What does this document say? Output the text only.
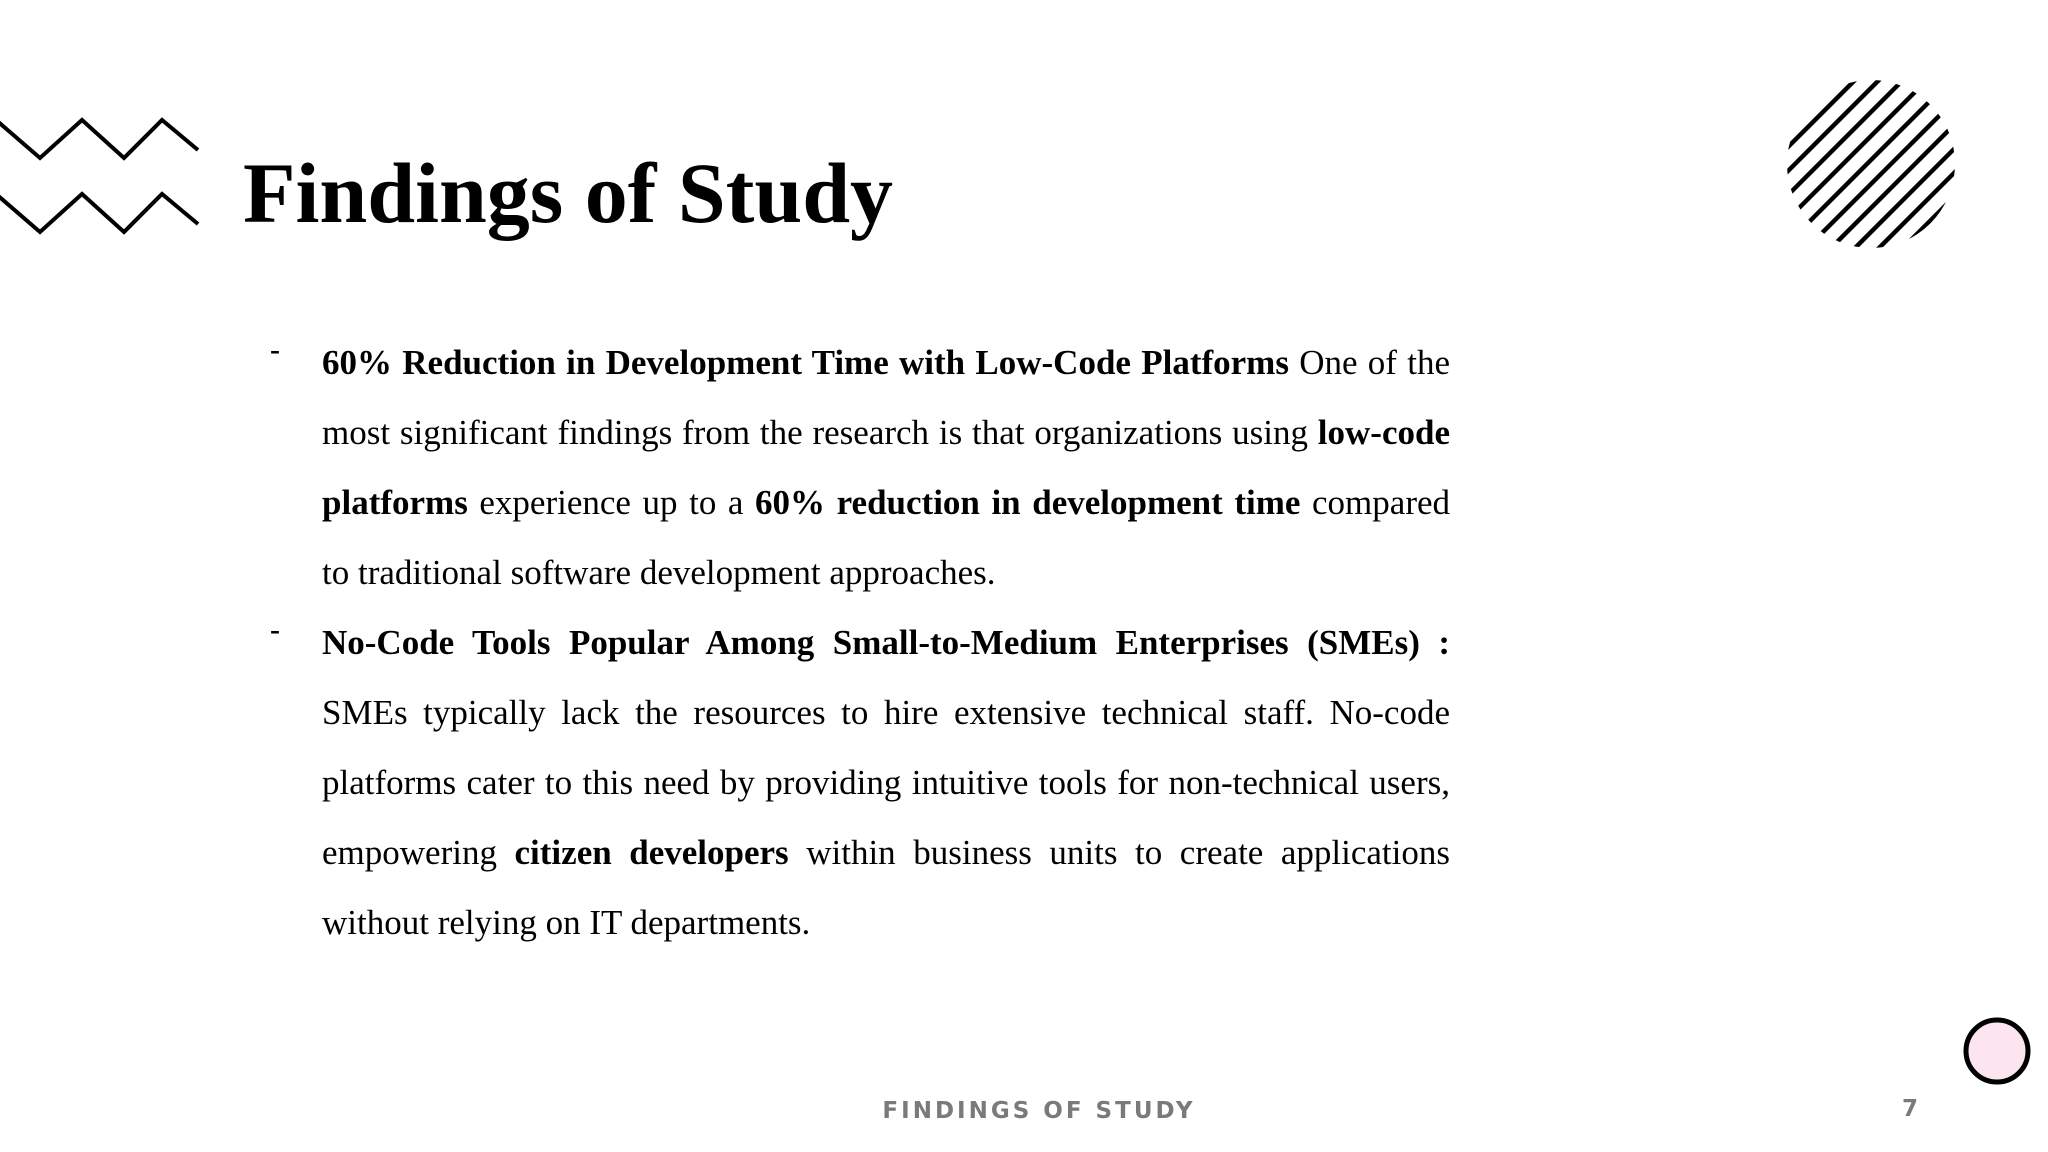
Findings of Study
-	60% Reduction in Development Time with Low-Code Platforms One of the most significant findings from the research is that organizations using low-code platforms experience up to a 60% reduction in development time compared to traditional software development approaches.
-	No-Code Tools Popular Among Small-to-Medium Enterprises (SMEs) : SMEs typically lack the resources to hire extensive technical staff. No-code platforms cater to this need by providing intuitive tools for non-technical users, empowering citizen developers within business units to create applications without relying on IT departments.
FINDINGS OF STUDY	7
